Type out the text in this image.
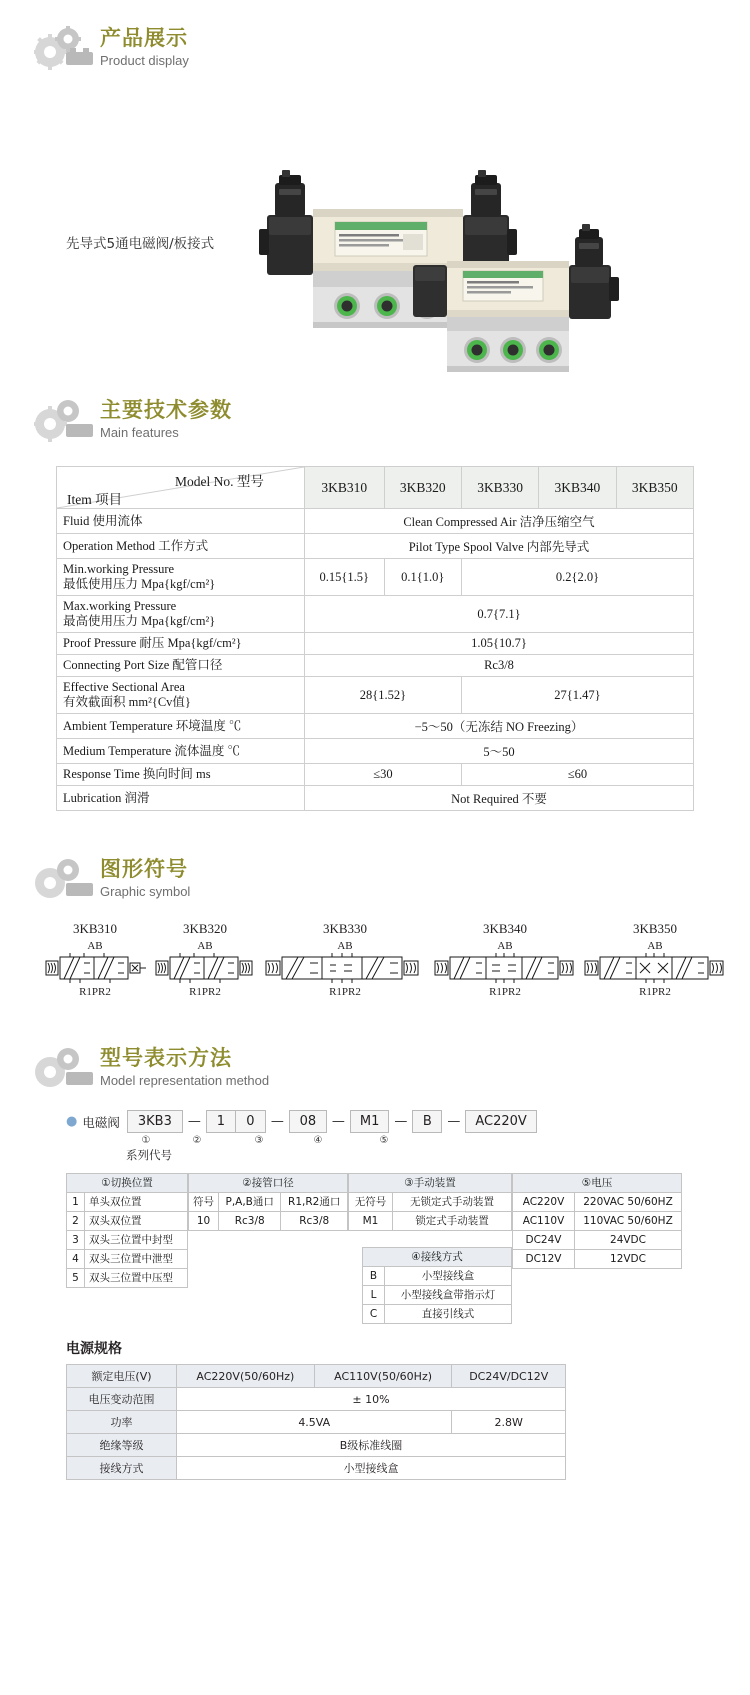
产品展示
Product display
先导式5通电磁阀/板接式
主要技术参数
Main features
Model No. 型号
Item 项目	3KB310	3KB320	3KB330	3KB340	3KB350
Fluid 使用流体	Clean Compressed Air 洁净压缩空气				
Operation Method 工作方式	Pilot Type Spool Valve 内部先导式				

Min.working Pressure
最低使用压力 Mpa{kgf/cm²}	0.15{1.5}	0.1{1.0}	0.2{2.0}		

Max.working Pressure
最高使用压力 Mpa{kgf/cm²}	0.7{7.1}				
Proof Pressure 耐压 Mpa{kgf/cm²}	1.05{10.7}				
Connecting Port Size 配管口径	Rc3/8				

Effective Sectional Area
有效截面积 mm²{Cv值}	28{1.52}		27{1.47}		
Ambient Temperature 环境温度 ℃	−5～50（无冻结 NO Freezing）				
Medium Temperature 流体温度 ℃	5～50				
Response Time 换向时间 ms	≤30		≤60		
Lubrication 润滑	Not Required 不要				
图形符号
Graphic symbol
3KB310
AB
R1PR2
3KB320
AB
R1PR2
3KB330
AB
R1PR2
3KB340
AB
R1PR2
3KB350
AB
R1PR2
型号表示方法
Model representation method
● 电磁阀	3KB3	—	1	0	—	08	—	M1	—	B	—	AC220V
①	②	③	④	⑤
系列代号
①切换位置	
1	单头双位置
2	双头双位置
3	双头三位置中封型
4	双头三位置中泄型
5	双头三位置中压型
②接管口径		
符号	P,A,B通口	R1,R2通口
10	Rc3/8	Rc3/8
③手动装置	
无符号	无锁定式手动装置
M1	锁定式手动装置
④接线方式	
B	小型接线盒
L	小型接线盒带指示灯
C	直接引线式
⑤电压	
AC220V	220VAC 50/60HZ
AC110V	110VAC 50/60HZ
DC24V	24VDC
DC12V	12VDC
电源规格
额定电压(V)	AC220V(50/60Hz)	AC110V(50/60Hz)	DC24V/DC12V
电压变动范围	± 10%		
功率	4.5VA		2.8W
绝缘等级	B级标准线圈		
接线方式	小型接线盒		
